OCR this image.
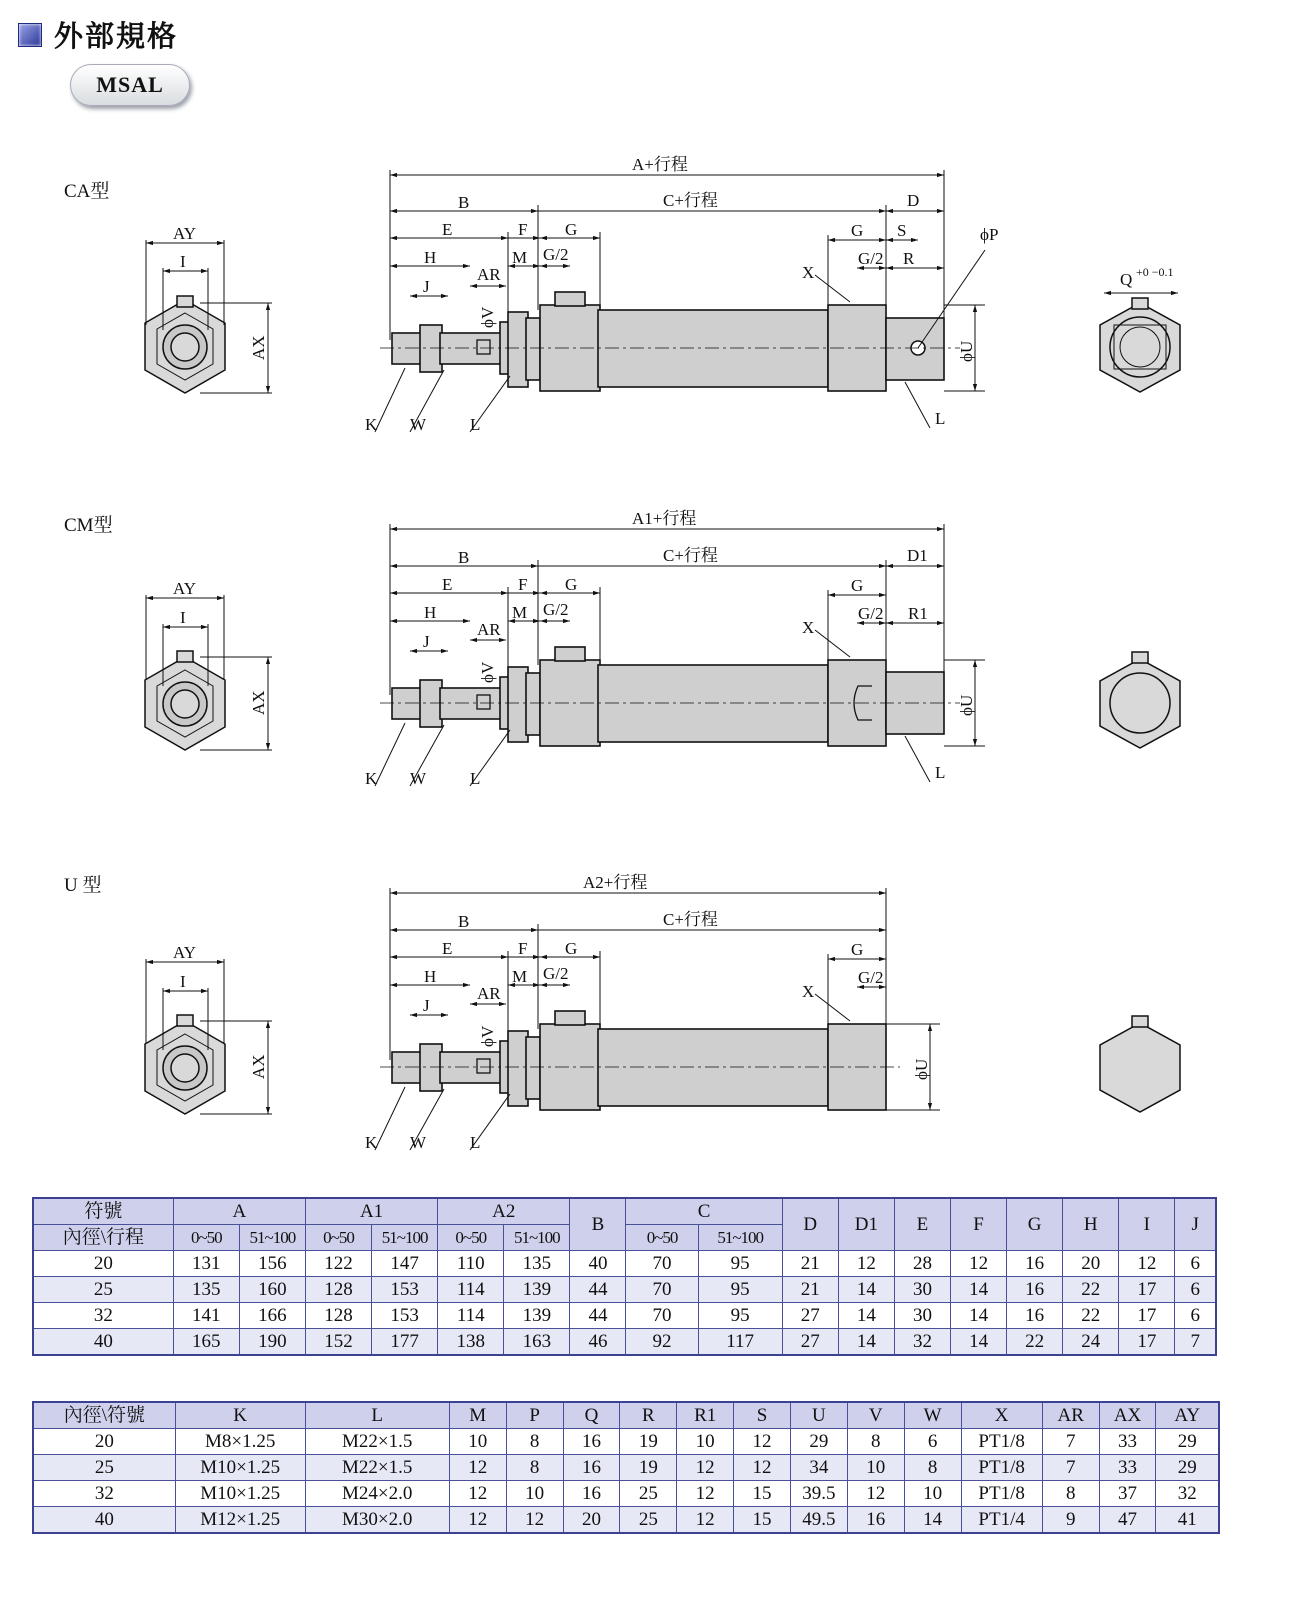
外部規格
MSAL
CA型
CM型
U 型
A+行程
B	C+行程	D
E	F G
H	M G/2
J
AR
ϕV
K W	L
X
G
G/2
S
R
ϕP
ϕU
L
AY
I
AX
Q +0 −0.1
A1+行程
B	C+行程	D1
E	F G
H	M G/2
J
AR
ϕV
K W	L
X
G
G/2 R1
ϕU
L
AY
I
AX
A2+行程
B	C+行程
E	F G
H	M G/2
J
AR
ϕV
K W	L
X
G
G/2
ϕU
AY
I
AX
符號	A		A1		A2		B	C		D	D1	E	F	G	H	I	J
內徑\行程	0~50	51~100	0~50	51~100	0~50	51~100		0~50	51~100								
20	131	156	122	147	110	135	40	70	95	21	12	28	12	16	20	12	6
25	135	160	128	153	114	139	44	70	95	21	14	30	14	16	22	17	6
32	141	166	128	153	114	139	44	70	95	27	14	30	14	16	22	17	6
40	165	190	152	177	138	163	46	92	117	27	14	32	14	22	24	17	7
內徑\符號	K	L	M	P	Q	R	R1	S	U	V	W	X	AR	AX	AY
20	M8×1.25	M22×1.5	10	8	16	19	10	12	29	8	6	PT1/8	7	33	29
25	M10×1.25	M22×1.5	12	8	16	19	12	12	34	10	8	PT1/8	7	33	29
32	M10×1.25	M24×2.0	12	10	16	25	12	15	39.5	12	10	PT1/8	8	37	32
40	M12×1.25	M30×2.0	12	12	20	25	12	15	49.5	16	14	PT1/4	9	47	41
